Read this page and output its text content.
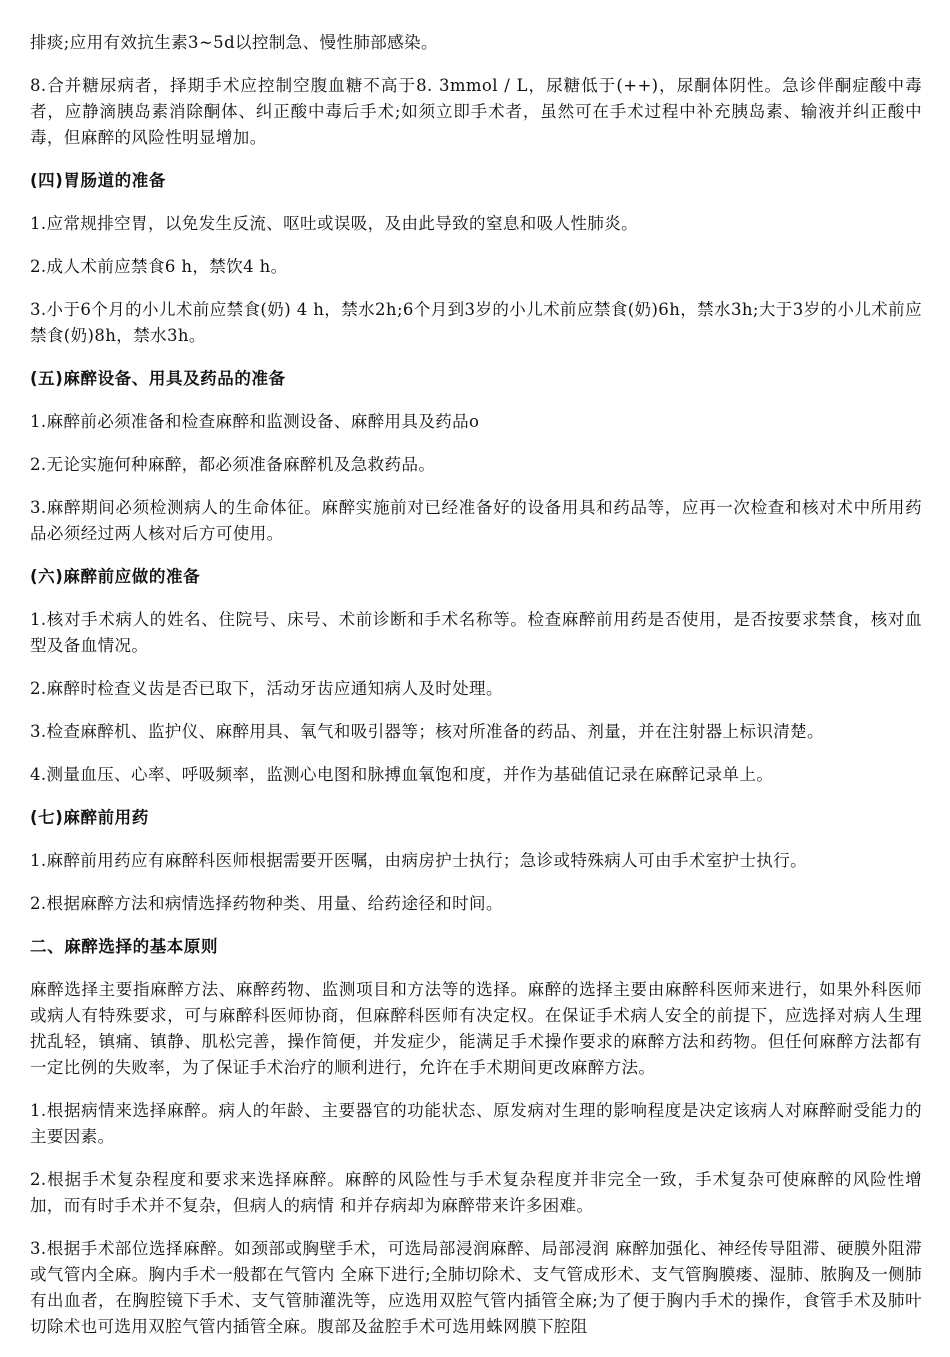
排痰;应用有效抗生素3~5d以控制急、慢性肺部感染。

8.合并糖尿病者，择期手术应控制空腹血糖不高于8. 3mmol / L，尿糖低于(++)，尿酮体阴性。急诊伴酮症酸中毒者，应静滴胰岛素消除酮体、纠正酸中毒后手术;如须立即手术者，虽然可在手术过程中补充胰岛素、输液并纠正酸中毒，但麻醉的风险性明显增加。

(四)胃肠道的准备

1.应常规排空胃，以免发生反流、呕吐或误吸，及由此导致的窒息和吸人性肺炎。

2.成人术前应禁食6 h，禁饮4 h。

3.小于6个月的小儿术前应禁食(奶) 4 h，禁水2h;6个月到3岁的小儿术前应禁食(奶)6h，禁水3h;大于3岁的小儿术前应禁食(奶)8h，禁水3h。

(五)麻醉设备、用具及药品的准备

1.麻醉前必须准备和检查麻醉和监测设备、麻醉用具及药品o

2.无论实施何种麻醉，都必须准备麻醉机及急救药品。

3.麻醉期间必须检测病人的生命体征。麻醉实施前对已经准备好的设备用具和药品等，应再一次检查和核对术中所用药品必须经过两人核对后方可使用。

(六)麻醉前应做的准备

1.核对手术病人的姓名、住院号、床号、术前诊断和手术名称等。检查麻醉前用药是否使用，是否按要求禁食，核对血型及备血情况。

2.麻醉时检查义齿是否已取下，活动牙齿应通知病人及时处理。

3.检查麻醉机、监护仪、麻醉用具、氧气和吸引器等；核对所准备的药品、剂量，并在注射器上标识清楚。

4.测量血压、心率、呼吸频率，监测心电图和脉搏血氧饱和度，并作为基础值记录在麻醉记录单上。

(七)麻醉前用药

1.麻醉前用药应有麻醉科医师根据需要开医嘱，由病房护士执行；急诊或特殊病人可由手术室护士执行。

2.根据麻醉方法和病情选择药物种类、用量、给药途径和时间。

二、麻醉选择的基本原则

麻醉选择主要指麻醉方法、麻醉药物、监测项目和方法等的选择。麻醉的选择主要由麻醉科医师来进行，如果外科医师或病人有特殊要求，可与麻醉科医师协商，但麻醉科医师有决定权。在保证手术病人安全的前提下，应选择对病人生理扰乱轻，镇痛、镇静、肌松完善，操作简便，并发症少，能满足手术操作要求的麻醉方法和药物。但任何麻醉方法都有一定比例的失败率，为了保证手术治疗的顺利进行，允许在手术期间更改麻醉方法。

1.根据病情来选择麻醉。病人的年龄、主要器官的功能状态、原发病对生理的影响程度是决定该病人对麻醉耐受能力的主要因素。

2.根据手术复杂程度和要求来选择麻醉。麻醉的风险性与手术复杂程度并非完全一致，手术复杂可使麻醉的风险性增加，而有时手术并不复杂，但病人的病情 和并存病却为麻醉带来许多困难。

3.根据手术部位选择麻醉。如颈部或胸壁手术，可选局部浸润麻醉、局部浸润 麻醉加强化、神经传导阻滞、硬膜外阻滞或气管内全麻。胸内手术一般都在气管内 全麻下进行;全肺切除术、支气管成形术、支气管胸膜瘘、湿肺、脓胸及一侧肺有出血者，在胸腔镜下手术、支气管肺灌洗等，应选用双腔气管内插管全麻;为了便于胸内手术的操作，食管手术及肺叶切除术也可选用双腔气管内插管全麻。腹部及盆腔手术可选用蛛网膜下腔阻
